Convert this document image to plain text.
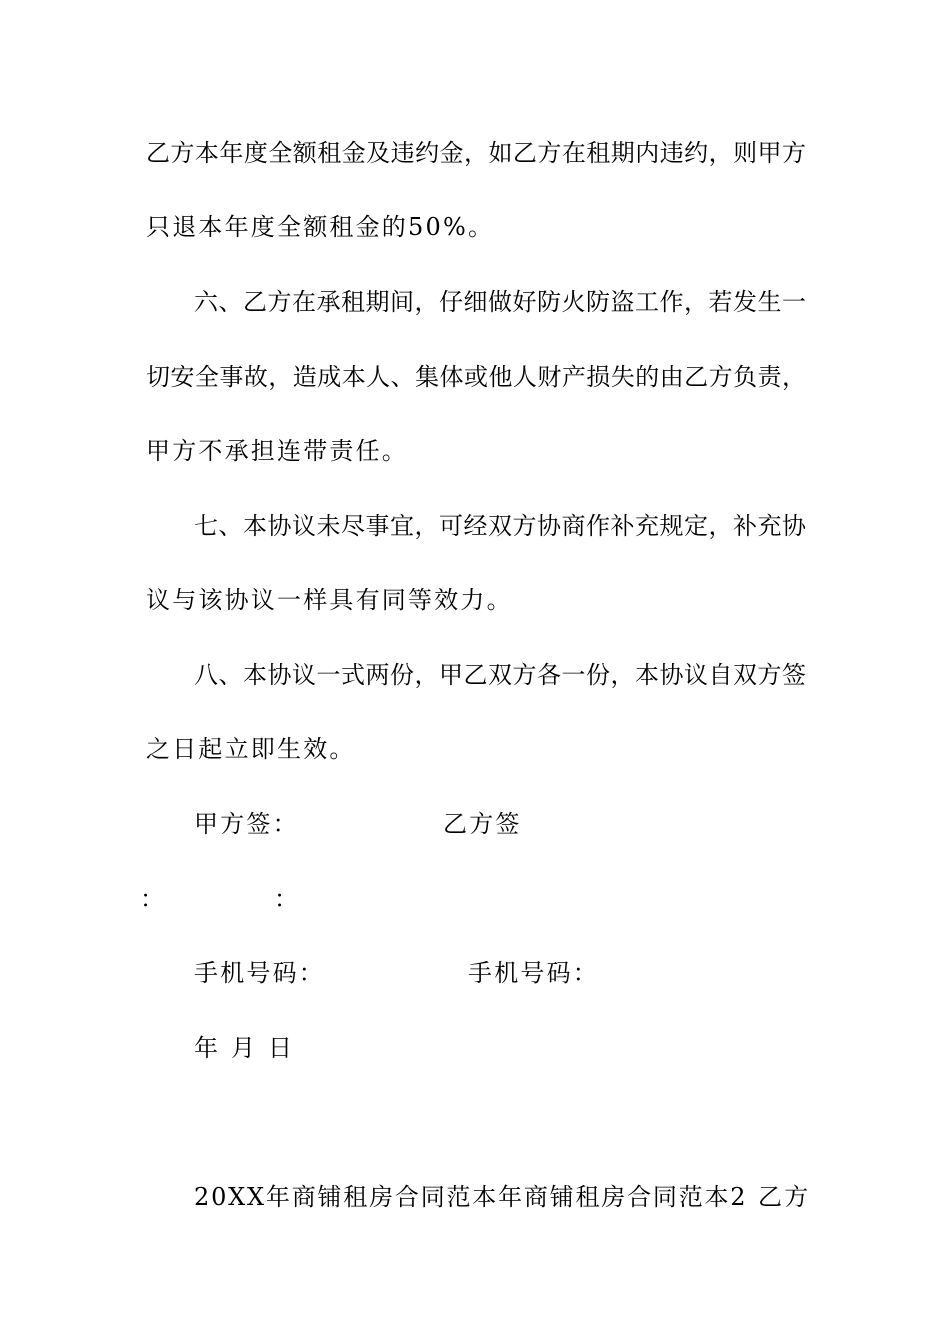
乙方本年度全额租金及违约金，如乙方在租期内违约，则甲方
只退本年度全额租金的50%。
六、乙方在承租期间，仔细做好防火防盗工作，若发生一
切安全事故，造成本人、集体或他人财产损失的由乙方负责，
甲方不承担连带责任。
七、本协议未尽事宜，可经双方协商作补充规定，补充协
议与该协议一样具有同等效力。
八、本协议一式两份，甲乙双方各一份，本协议自双方签
之日起立即生效。
甲方签：	乙方签
：	：
手机号码：	手机号码：
年 月 日
20XX年商铺租房合同范本年商铺租房合同范本2 乙方
